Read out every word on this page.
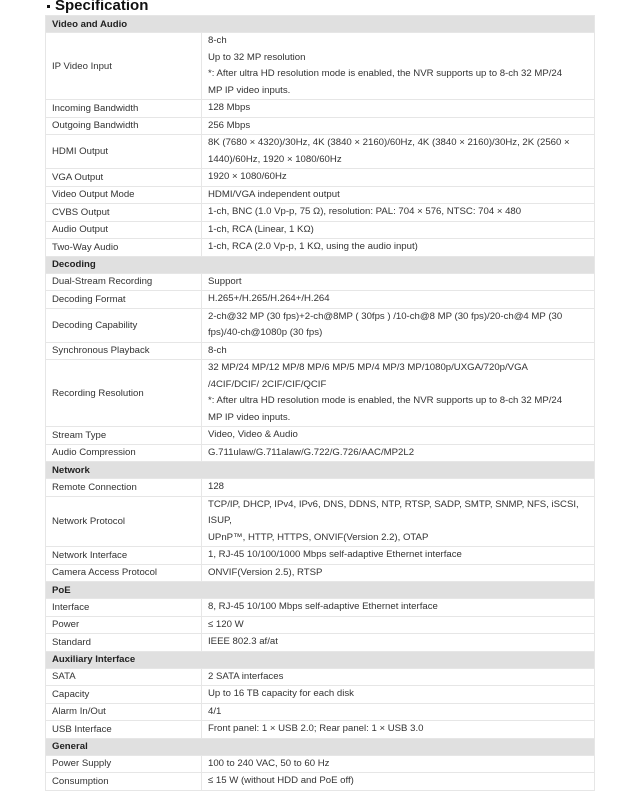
Specification
Video and Audio	
IP Video Input	8-ch
Up to 32 MP resolution
*: After ultra HD resolution mode is enabled, the NVR supports up to 8-ch 32 MP/24
MP IP video inputs.

Incoming Bandwidth	128 Mbps

Outgoing Bandwidth	256 Mbps

HDMI Output	8K (7680 × 4320)/30Hz, 4K (3840 × 2160)/60Hz, 4K (3840 × 2160)/30Hz, 2K (2560 ×
1440)/60Hz, 1920 × 1080/60Hz

VGA Output	1920 × 1080/60Hz

Video Output Mode	HDMI/VGA independent output

CVBS Output	1-ch, BNC (1.0 Vp-p, 75 Ω), resolution: PAL: 704 × 576, NTSC: 704 × 480

Audio Output	1-ch, RCA (Linear, 1 KΩ)

Two-Way Audio	1-ch, RCA (2.0 Vp-p, 1 KΩ, using the audio input)

Decoding	
Dual-Stream Recording	Support

Decoding Format	H.265+/H.265/H.264+/H.264

Decoding Capability	2-ch@32 MP (30 fps)+2-ch@8MP ( 30fps ) /10-ch@8 MP (30 fps)/20-ch@4 MP (30
fps)/40-ch@1080p (30 fps)

Synchronous Playback	8-ch

Recording Resolution	32 MP/24 MP/12 MP/8 MP/6 MP/5 MP/4 MP/3 MP/1080p/UXGA/720p/VGA
/4CIF/DCIF/ 2CIF/CIF/QCIF
*: After ultra HD resolution mode is enabled, the NVR supports up to 8-ch 32 MP/24
MP IP video inputs.

Stream Type	Video, Video & Audio

Audio Compression	G.711ulaw/G.711alaw/G.722/G.726/AAC/MP2L2

Network	
Remote Connection	128

Network Protocol	TCP/IP, DHCP, IPv4, IPv6, DNS, DDNS, NTP, RTSP, SADP, SMTP, SNMP, NFS, iSCSI, ISUP,
UPnP™, HTTP, HTTPS, ONVIF(Version 2.2), OTAP

Network Interface	1, RJ-45 10/100/1000 Mbps self-adaptive Ethernet interface

Camera Access Protocol	ONVIF(Version 2.5), RTSP

PoE	
Interface	8, RJ-45 10/100 Mbps self-adaptive Ethernet interface

Power	≤ 120 W

Standard	IEEE 802.3 af/at

Auxiliary Interface	
SATA	2 SATA interfaces

Capacity	Up to 16 TB capacity for each disk

Alarm In/Out	4/1

USB Interface	Front panel: 1 × USB 2.0; Rear panel: 1 × USB 3.0

General	
Power Supply	100 to 240 VAC, 50 to 60 Hz

Consumption	≤ 15 W (without HDD and PoE off)
